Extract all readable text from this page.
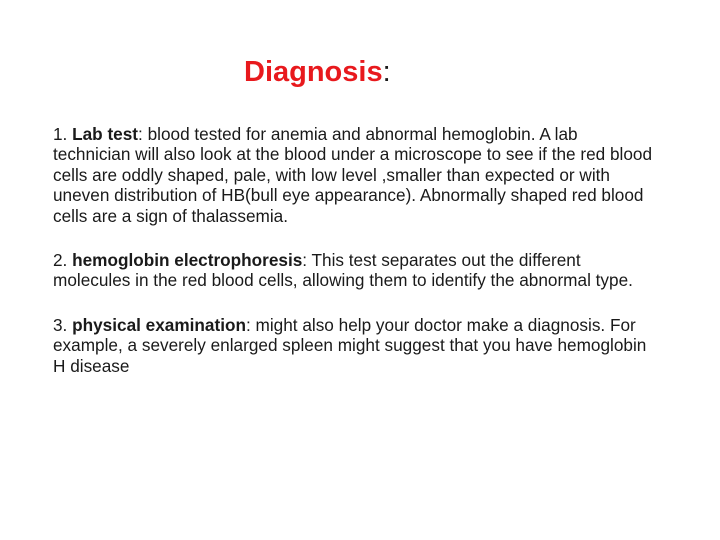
Diagnosis:

1. Lab test: blood tested for anemia and abnormal hemoglobin. A lab technician will also look at the blood under a microscope to see if the red blood cells are oddly shaped, pale, with low level ,smaller than expected or with uneven distribution of HB(bull eye appearance). Abnormally shaped red blood cells are a sign of thalassemia.

2. hemoglobin electrophoresis: This test separates out the different molecules in the red blood cells, allowing them to identify the abnormal type.

3. physical examination: might also help your doctor make a diagnosis. For example, a severely enlarged spleen might suggest that you have hemoglobin H disease
